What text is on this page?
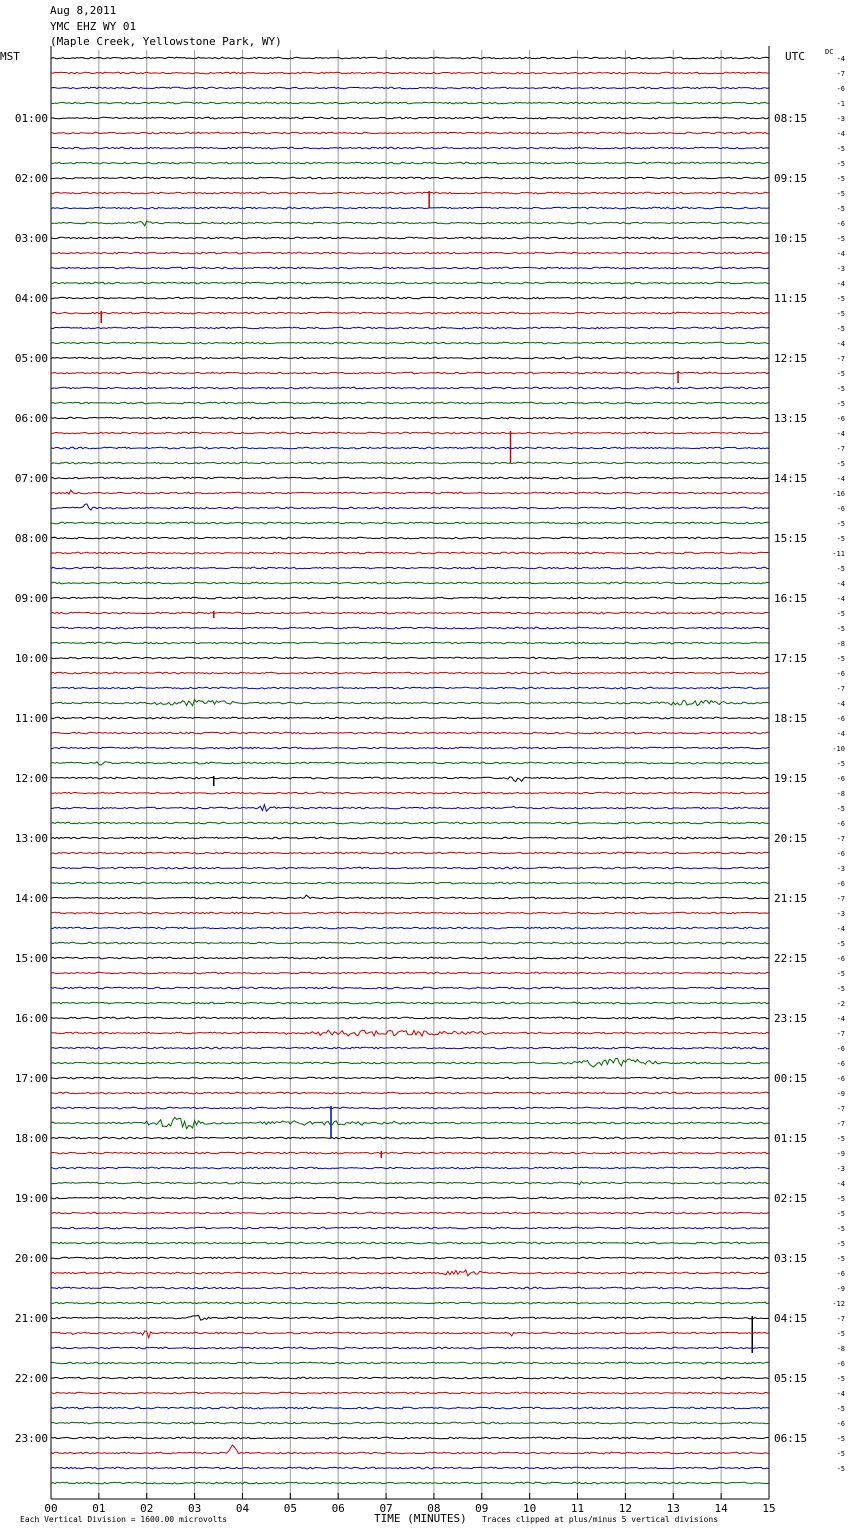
Aug 8,2011
YMC EHZ WY 01
(Maple Creek, Yellowstone Park, WY)
MST	UTC	DC
-4
-7
-6
-1
-3
-4
-5
-5
-5
-5
-5
-6
-5
-4
-3
-4
-5
-5
-5
-4
-7
-5
-5
-5
-6
-4
-7
-5
-4
-16
-6
-5
-5
-11
-5
-4
-4
-5
-5
-8
-5
-6
-7
-4
-6
-4
-10
-5
-6
-8
-5
-6
-7
-6
-3
-6
-7
-3
-4
-5
-6
-5
-5
-2
-4
-7
-6
-6
-6
-9
-7
-7
-5
-9
-3
-4
-5
-5
-5
-5
-5
-6
-9
-12
-7
-5
-8
-6
-5
-4
-5
-6
-5
-5
-5
01:00	08:15
02:00	09:15
03:00	10:15
04:00	11:15
05:00	12:15
06:00	13:15
07:00	14:15
08:00	15:15
09:00	16:15
10:00	17:15
11:00	18:15
12:00	19:15
13:00	20:15
14:00	21:15
15:00	22:15
16:00	23:15
17:00	00:15
18:00	01:15
19:00	02:15
20:00	03:15
21:00	04:15
22:00	05:15
23:00	06:15
00	01	02	03	04	05	06	07	08	09	10	11	12	13	14	15
Each Vertical Division = 1600.00 microvolts	TIME (MINUTES) Traces clipped at plus/minus 5 vertical divisions
